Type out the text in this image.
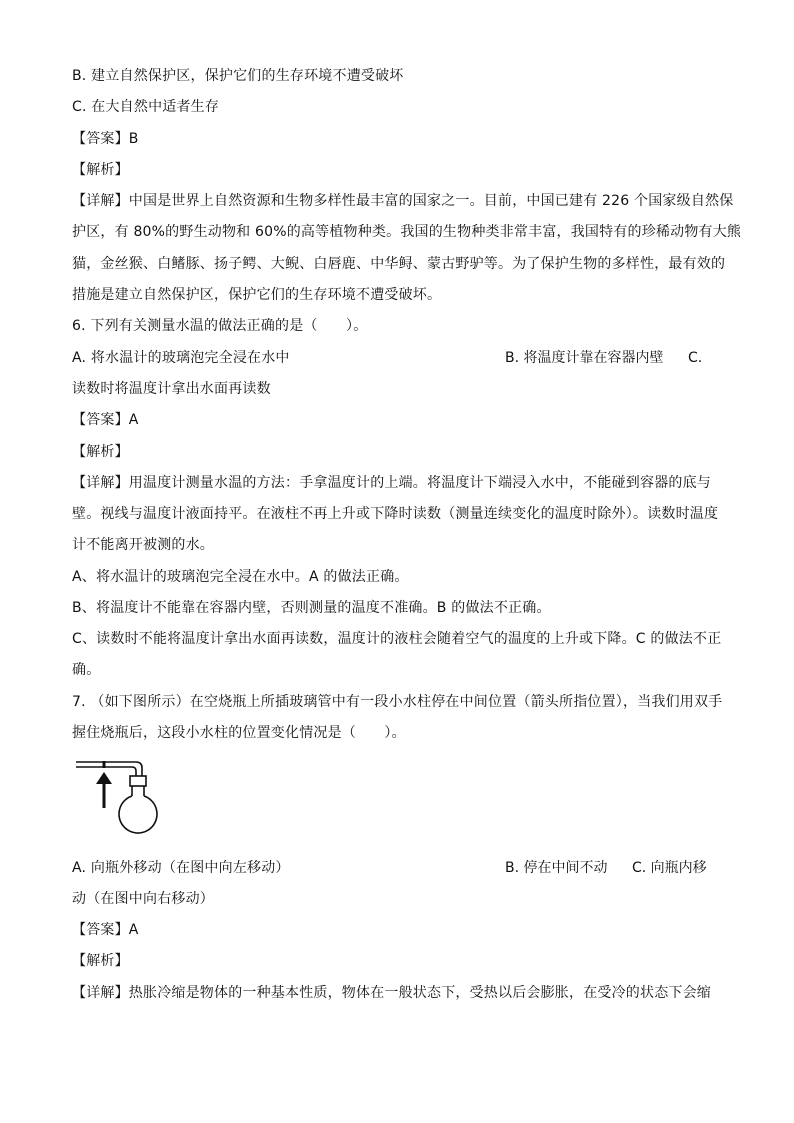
B. 建立自然保护区，保护它们的生存环境不遭受破坏
C. 在大自然中适者生存
【答案】B
【解析】
【详解】中国是世界上自然资源和生物多样性最丰富的国家之一。目前，中国已建有 226 个国家级自然保
护区，有 80%的野生动物和 60%的高等植物种类。我国的生物种类非常丰富，我国特有的珍稀动物有大熊
猫，金丝猴、白鳍豚、扬子鳄、大鲵、白唇鹿、中华鲟、蒙古野驴等。为了保护生物的多样性，最有效的
措施是建立自然保护区，保护它们的生存环境不遭受破坏。
6. 下列有关测量水温的做法正确的是（　　）。
A. 将水温计的玻璃泡完全浸在水中	B. 将温度计靠在容器内壁 C.
读数时将温度计拿出水面再读数
【答案】A
【解析】
【详解】用温度计测量水温的方法：手拿温度计的上端。将温度计下端浸入水中，不能碰到容器的底与
壁。视线与温度计液面持平。在液柱不再上升或下降时读数（测量连续变化的温度时除外）。读数时温度
计不能离开被测的水。
A、将水温计的玻璃泡完全浸在水中。A 的做法正确。
B、将温度计不能靠在容器内壁，否则测量的温度不准确。B 的做法不正确。
C、读数时不能将温度计拿出水面再读数，温度计的液柱会随着空气的温度的上升或下降。C 的做法不正
确。
7. （如下图所示）在空烧瓶上所插玻璃管中有一段小水柱停在中间位置（箭头所指位置），当我们用双手
握住烧瓶后，这段小水柱的位置变化情况是（　　）。
A. 向瓶外移动（在图中向左移动）	B. 停在中间不动 C. 向瓶内移
动（在图中向右移动）
【答案】A
【解析】
【详解】热胀冷缩是物体的一种基本性质，物体在一般状态下，受热以后会膨胀，在受冷的状态下会缩
